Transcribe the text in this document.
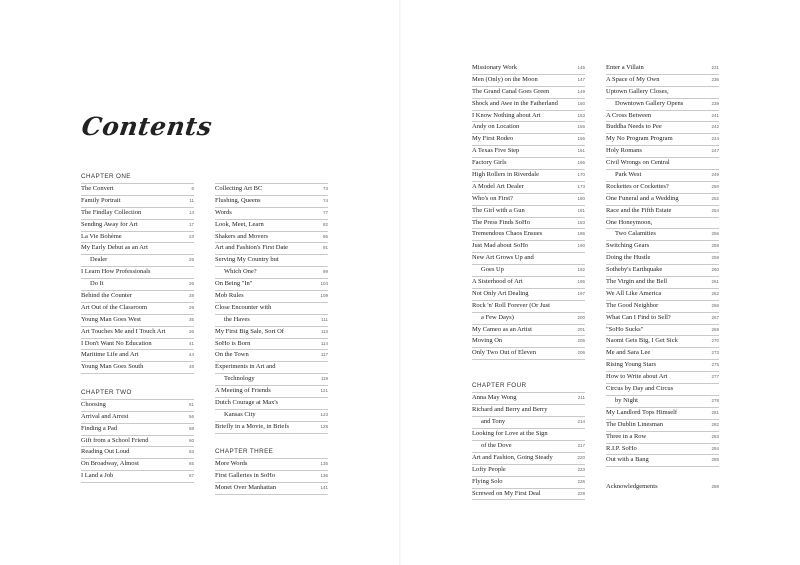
Contents
CHAPTER ONE
The Convert	6
Family Portrait	11
The Findlay Collection	14
Sending Away for Art	17
La Vie Bohème	23
My Early Debut as an Art
Dealer	25
I Learn How Professionals
Do It	26
Behind the Counter	28
Art Out of the Classroom	29
Young Man Goes West	35
Art Touches Me and I Touch Art	36
I Don't Want No Education	41
Maritime Life and Art	44
Young Man Goes South	48
CHAPTER TWO
Choosing	51
Arrival and Arrest	56
Finding a Pad	58
Gift from a School Friend	60
Reading Out Loud	63
On Broadway, Almost	65
I Land a Job	67
Collecting Art BC	73
Flushing, Queens	74
Words	77
Look, Meet, Learn	82
Shakers and Movers	86
Art and Fashion's First Date	91
Serving My Country but
Which One?	99
On Being "In"	104
Mob Rules	109
Close Encounter with
the Haves	111
My First Big Sale, Sort Of	113
SoHo is Born	114
On the Town	117
Experiments in Art and
Technology	119
A Meeting of Friends	121
Dutch Courage at Max's
Kansas City	123
Briefly in a Movie, in Briefs	128
CHAPTER THREE
More Words	135
First Galleries in SoHo	136
Monet Over Manhattan	141
Missionary Work	145
Men (Only) on the Moon	147
The Grand Canal Goes Green	149
Shock and Awe in the Fatherland	150
I Know Nothing about Art	153
Andy on Location	155
My First Rodeo	156
A Texas Five Step	161
Factory Girls	166
High Rollers in Riverdale	170
A Model Art Dealer	173
Who's on First?	180
The Girl with a Gun	181
The Press Finds SoHo	183
Tremendous Chaos Ensues	186
Just Mad about SoHo	190
New Art Grows Up and
Goes Up	192
A Sisterhood of Art	195
Not Only Art Dealing	197
Rock 'n' Roll Forever (Or Just
a Few Days)	200
My Cameo as an Artist	201
Moving On	205
Only Two Out of Eleven	206
CHAPTER FOUR
Anna May Wong	211
Richard and Berry and Berry
and Tony	214
Looking for Love at the Sign
of the Dove	217
Art and Fashion, Going Steady	220
Lofty People	223
Flying Solo	226
Screwed on My First Deal	229
Enter a Villain	231
A Space of My Own	236
Uptown Gallery Closes,
Downtown Gallery Opens	239
A Cross Between	241
Buddha Needs to Pee	242
My No Program Program	244
Holy Romans	247
Civil Wrongs on Central
Park West	249
Rockettes or Cockettes?	250
One Funeral and a Wedding	252
Race and the Fifth Estate	254
One Honeymoon,
Two Calamities	256
Switching Gears	258
Doing the Hustle	259
Sotheby's Earthquake	260
The Virgin and the Bell	261
We All Like America	262
The Good Neighbor	266
What Can I Find to Sell?	267
"SoHo Sucks"	269
Naomi Gets Big, I Get Sick	270
Me and Sara Lee	273
Rising Young Stars	275
How to Write about Art	277
Circus by Day and Circus
by Night	278
My Landlord Tops Himself	281
The Dublin Linesman	282
Three in a Row	283
R.I.P. SoHo	284
Out with a Bang	285
Acknowledgements	288
